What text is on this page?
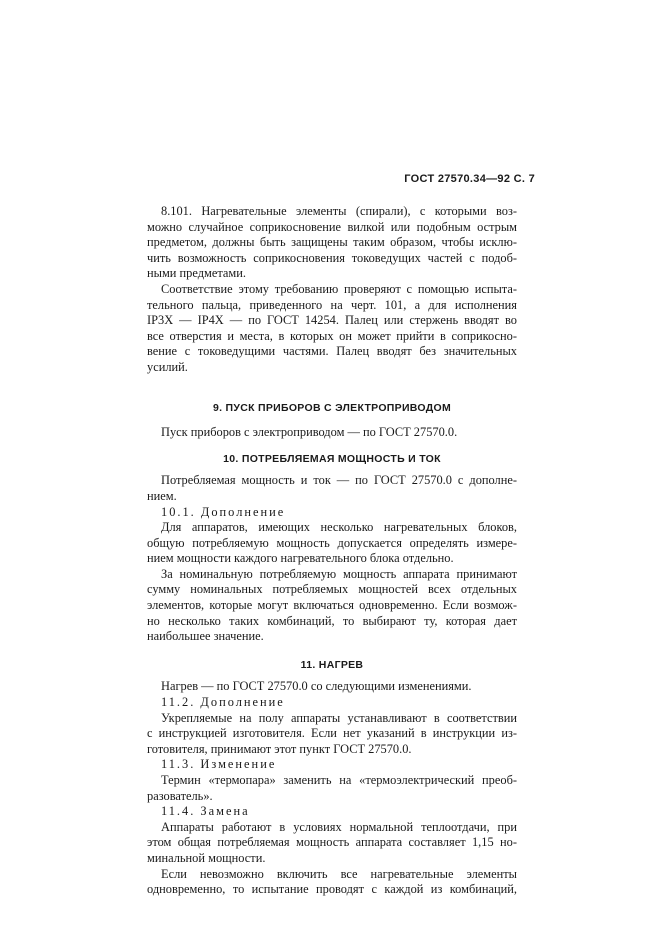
ГОСТ 27570.34—92 С. 7

8.101. Нагревательные элементы (спирали), с которыми воз-
можно случайное соприкосновение вилкой или подобным острым
предметом, должны быть защищены таким образом, чтобы исклю-
чить возможность соприкосновения токоведущих частей с подоб-
ными предметами.

Соответствие этому требованию проверяют с помощью испыта-
тельного пальца, приведенного на черт. 101, а для исполнения
IP3X — IP4X — по ГОСТ 14254. Палец или стержень вводят во
все отверстия и места, в которых он может прийти в соприкосно-
вение с токоведущими частями. Палец вводят без значительных
усилий.

9. ПУСК ПРИБОРОВ С ЭЛЕКТРОПРИВОДОМ

Пуск приборов с электроприводом — по ГОСТ 27570.0.

10. ПОТРЕБЛЯЕМАЯ МОЩНОСТЬ И ТОК

Потребляемая мощность и ток — по ГОСТ 27570.0 с дополне-
нием.

10.1. Дополнение

Для аппаратов, имеющих несколько нагревательных блоков,
общую потребляемую мощность допускается определять измере-
нием мощности каждого нагревательного блока отдельно.

За номинальную потребляемую мощность аппарата принимают
сумму номинальных потребляемых мощностей всех отдельных
элементов, которые могут включаться одновременно. Если возмож-
но несколько таких комбинаций, то выбирают ту, которая дает
наибольшее значение.

11. НАГРЕВ

Нагрев — по ГОСТ 27570.0 со следующими изменениями.

11.2. Дополнение

Укрепляемые на полу аппараты устанавливают в соответствии
с инструкцией изготовителя. Если нет указаний в инструкции из-
готовителя, принимают этот пункт ГОСТ 27570.0.

11.3. Изменение

Термин «термопара» заменить на «термоэлектрический преоб-
разователь».

11.4. Замена

Аппараты работают в условиях нормальной теплоотдачи, при
этом общая потребляемая мощность аппарата составляет 1,15 но-
минальной мощности.

Если невозможно включить все нагревательные элементы
одновременно, то испытание проводят с каждой из комбинаций,
